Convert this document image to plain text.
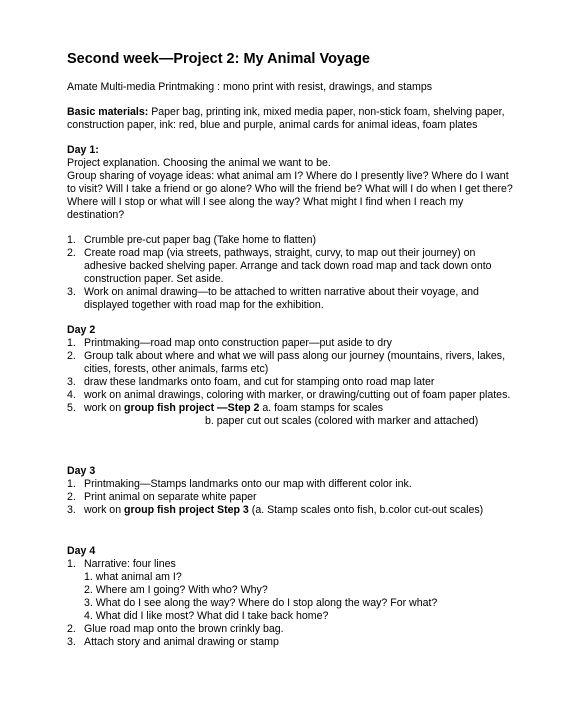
Second week—Project 2: My Animal Voyage
Amate Multi-media Printmaking : mono print with resist, drawings, and stamps
Basic materials: Paper bag, printing ink, mixed media paper, non-stick foam, shelving paper,
construction paper, ink: red, blue and purple, animal cards for animal ideas, foam plates
Day 1:
Project explanation. Choosing the animal we want to be.
Group sharing of voyage ideas: what animal am I? Where do I presently live? Where do I want
to visit? Will I take a friend or go alone? Who will the friend be? What will I do when I get there?
Where will I stop or what will I see along the way? What might I find when I reach my
destination?
1. Crumble pre-cut paper bag (Take home to flatten)
2. Create road map (via streets, pathways, straight, curvy, to map out their journey) on
adhesive backed shelving paper. Arrange and tack down road map and tack down onto
construction paper. Set aside.
3. Work on animal drawing—to be attached to written narrative about their voyage, and
displayed together with road map for the exhibition.
Day 2
1. Printmaking—road map onto construction paper—put aside to dry
2. Group talk about where and what we will pass along our journey (mountains, rivers, lakes,
cities, forests, other animals, farms etc)
3. draw these landmarks onto foam, and cut for stamping onto road map later
4. work on animal drawings, coloring with marker, or drawing/cutting out of foam paper plates.
5. work on group fish project —Step 2 a. foam stamps for scales
b. paper cut out scales (colored with marker and attached)
Day 3
1. Printmaking—Stamps landmarks onto our map with different color ink.
2. Print animal on separate white paper
3. work on group fish project Step 3 (a. Stamp scales onto fish, b.color cut-out scales)
Day 4
1. Narrative: four lines
1. what animal am I?
2. Where am I going? With who? Why?
3. What do I see along the way? Where do I stop along the way? For what?
4. What did I like most? What did I take back home?
2. Glue road map onto the brown crinkly bag.
3. Attach story and animal drawing or stamp
